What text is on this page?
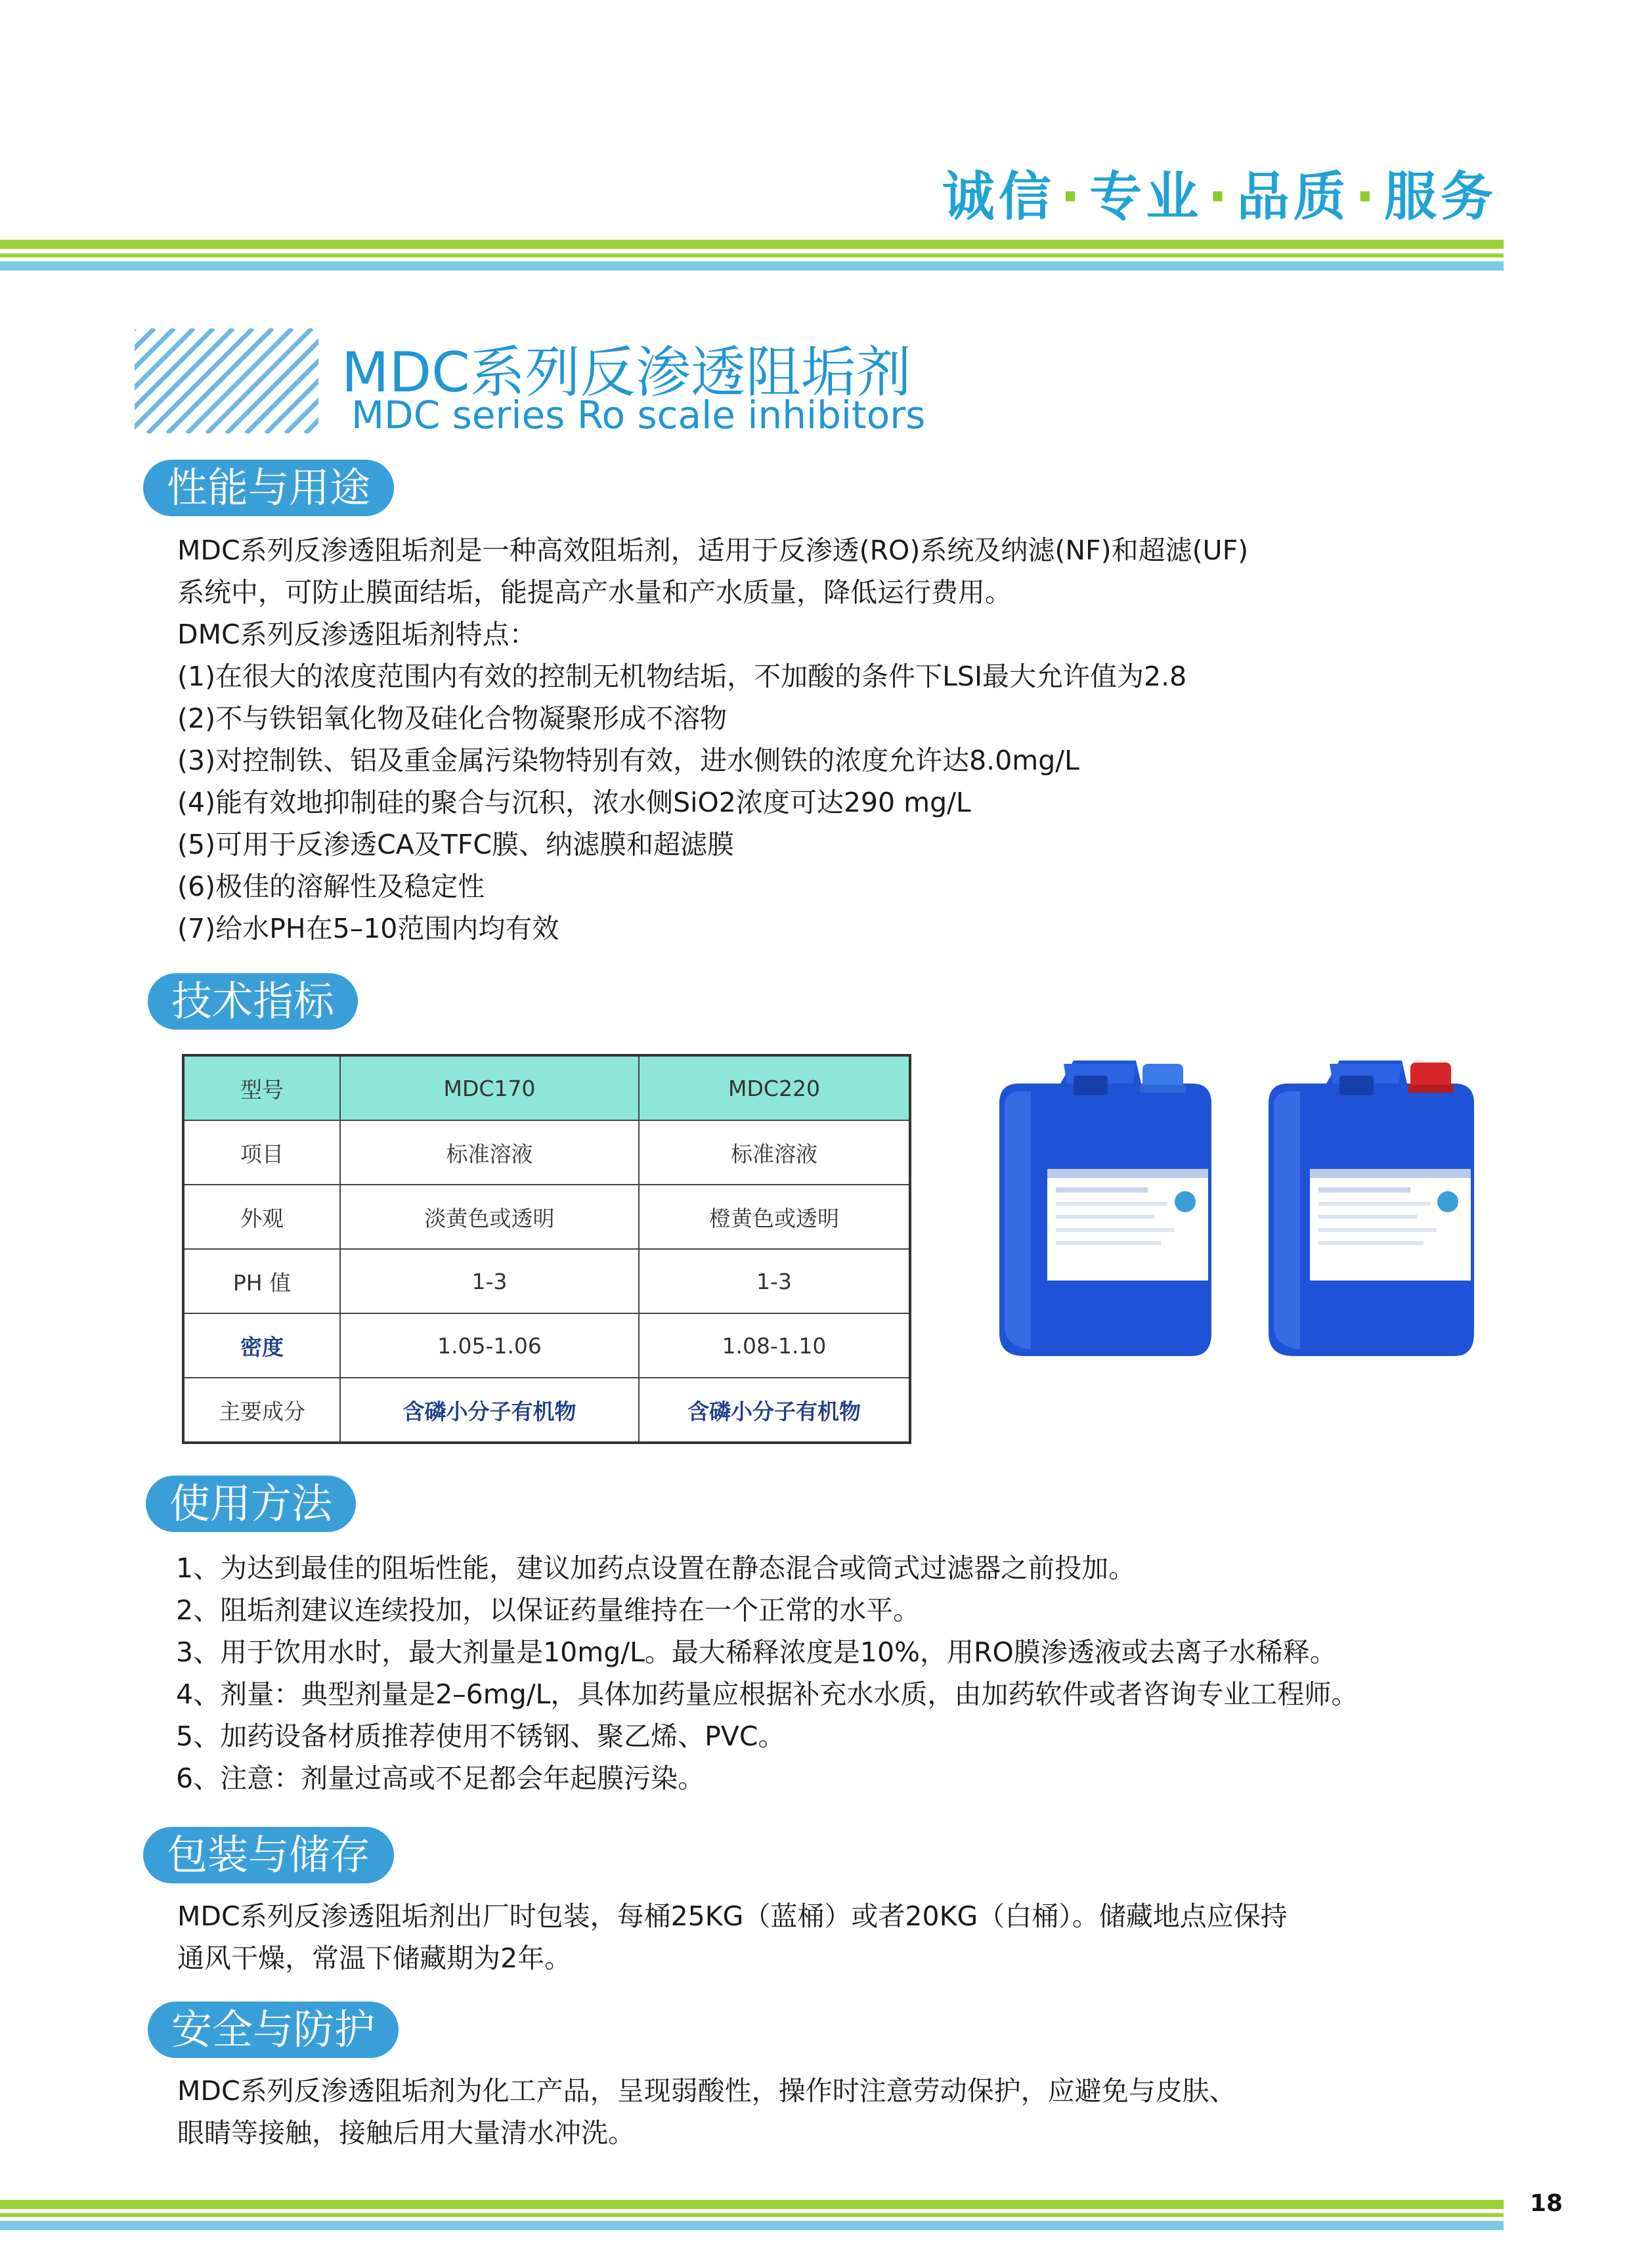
诚信 · 专业 · 品质 · 服务
MDC系列反渗透阻垢剂
MDC series Ro scale inhibitors
性能与用途
MDC系列反渗透阻垢剂是一种高效阻垢剂，适用于反渗透(RO)系统及纳滤(NF)和超滤(UF)
系统中，可防止膜面结垢，能提高产水量和产水质量，降低运行费用。
DMC系列反渗透阻垢剂特点：
(1)在很大的浓度范围内有效的控制无机物结垢，不加酸的条件下LSI最大允许值为2.8
(2)不与铁铝氧化物及硅化合物凝聚形成不溶物
(3)对控制铁、铝及重金属污染物特别有效，进水侧铁的浓度允许达8.0mg/L
(4)能有效地抑制硅的聚合与沉积，浓水侧SiO2浓度可达290 mg/L
(5)可用于反渗透CA及TFC膜、纳滤膜和超滤膜
(6)极佳的溶解性及稳定性
(7)给水PH在5–10范围内均有效
技术指标
型号	MDC170	MDC220
项目	标准溶液	标准溶液
外观	淡黄色或透明	橙黄色或透明
PH 值	1-3	1-3
密度	1.05-1.06	1.08-1.10
主要成分	含磷小分子有机物	含磷小分子有机物
使用方法
1、为达到最佳的阻垢性能，建议加药点设置在静态混合或筒式过滤器之前投加。
2、阻垢剂建议连续投加，以保证药量维持在一个正常的水平。
3、用于饮用水时，最大剂量是10mg/L。最大稀释浓度是10%，用RO膜渗透液或去离子水稀释。
4、剂量：典型剂量是2–6mg/L，具体加药量应根据补充水水质，由加药软件或者咨询专业工程师。
5、加药设备材质推荐使用不锈钢、聚乙烯、PVC。
6、注意：剂量过高或不足都会年起膜污染。
包装与储存
MDC系列反渗透阻垢剂出厂时包装，每桶25KG（蓝桶）或者20KG（白桶）。储藏地点应保持
通风干燥，常温下储藏期为2年。
安全与防护
MDC系列反渗透阻垢剂为化工产品，呈现弱酸性，操作时注意劳动保护，应避免与皮肤、
眼睛等接触，接触后用大量清水冲洗。
18
